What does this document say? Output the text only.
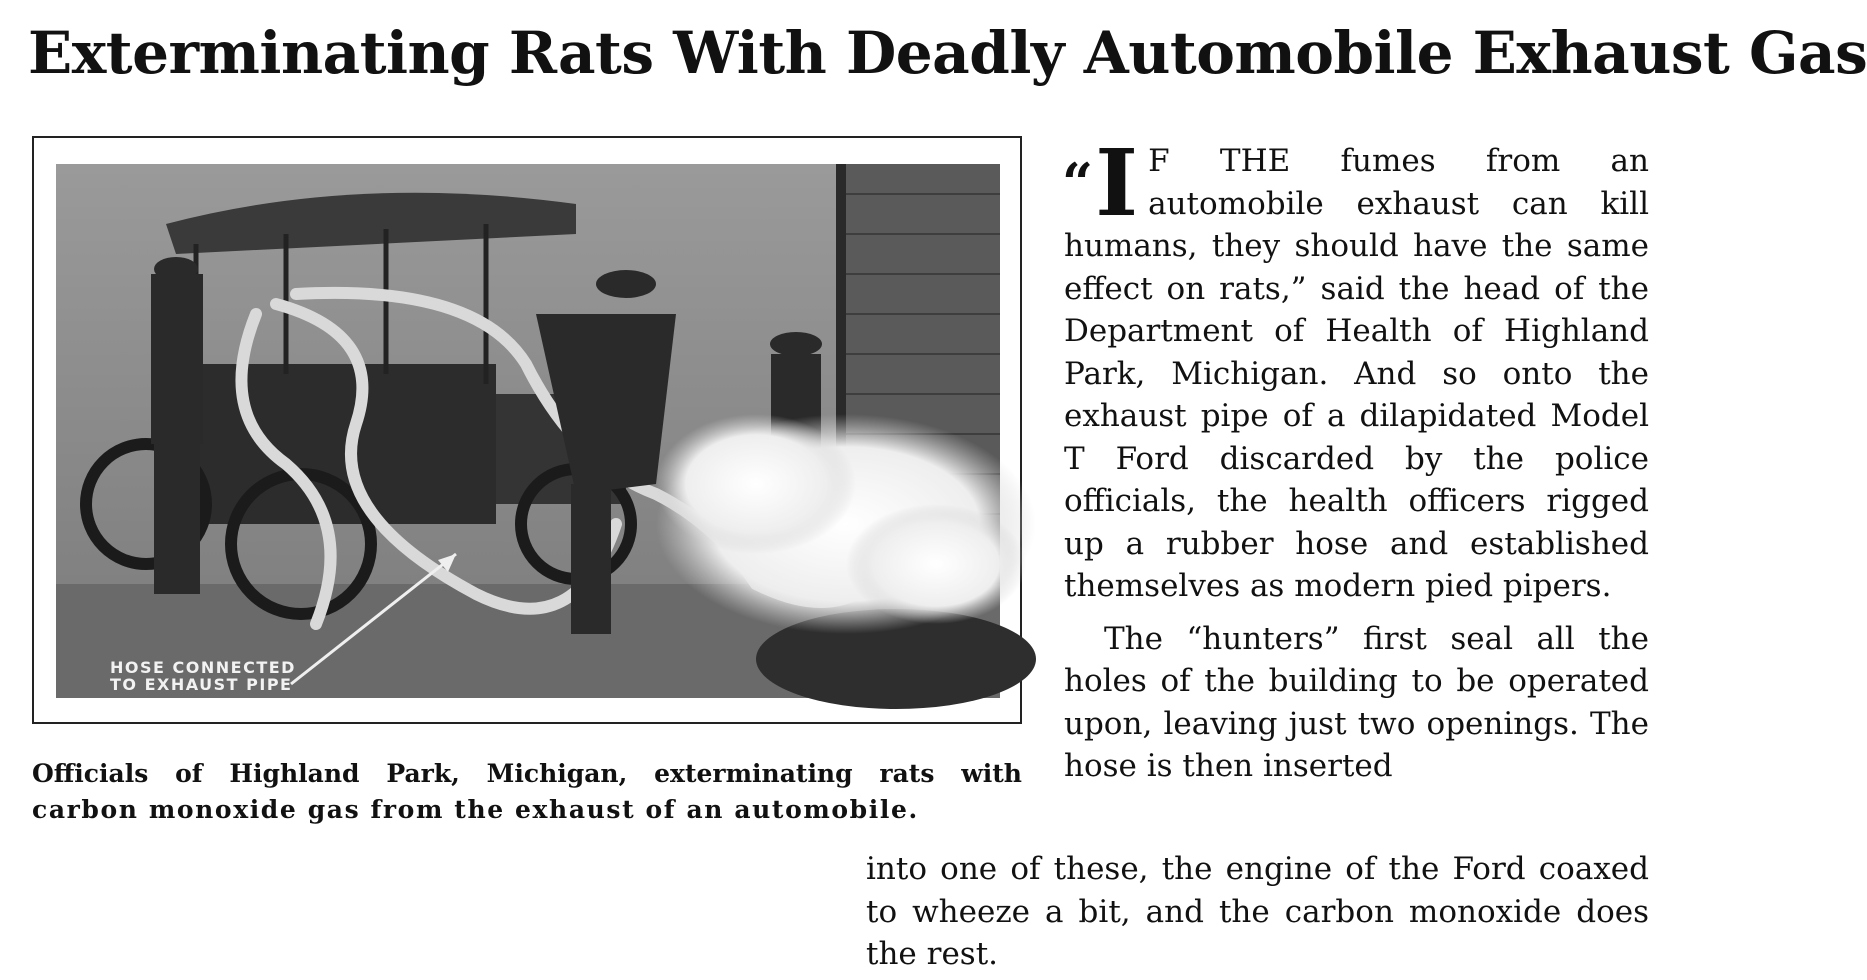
Exterminating Rats With Deadly Automobile Exhaust Gas
HOSE CONNECTED
TO EXHAUST PIPE
Officials of Highland Park, Michigan, exterminating rats with
carbon monoxide gas from the exhaust of an automobile.

“I F THE fumes from an automobile exhaust can kill humans, they should have the same effect on rats,” said the head of the Department of Health of Highland Park, Michigan. And so onto the exhaust pipe of a dilapidated Model T Ford discarded by the police officials, the health officers rigged up a rubber hose and established themselves as modern pied pipers.

The “hunters” first seal all the holes of the building to be operated upon, leaving just two openings. The hose is then inserted

into one of these, the engine of the Ford coaxed to wheeze a bit, and the carbon monoxide does the rest.
